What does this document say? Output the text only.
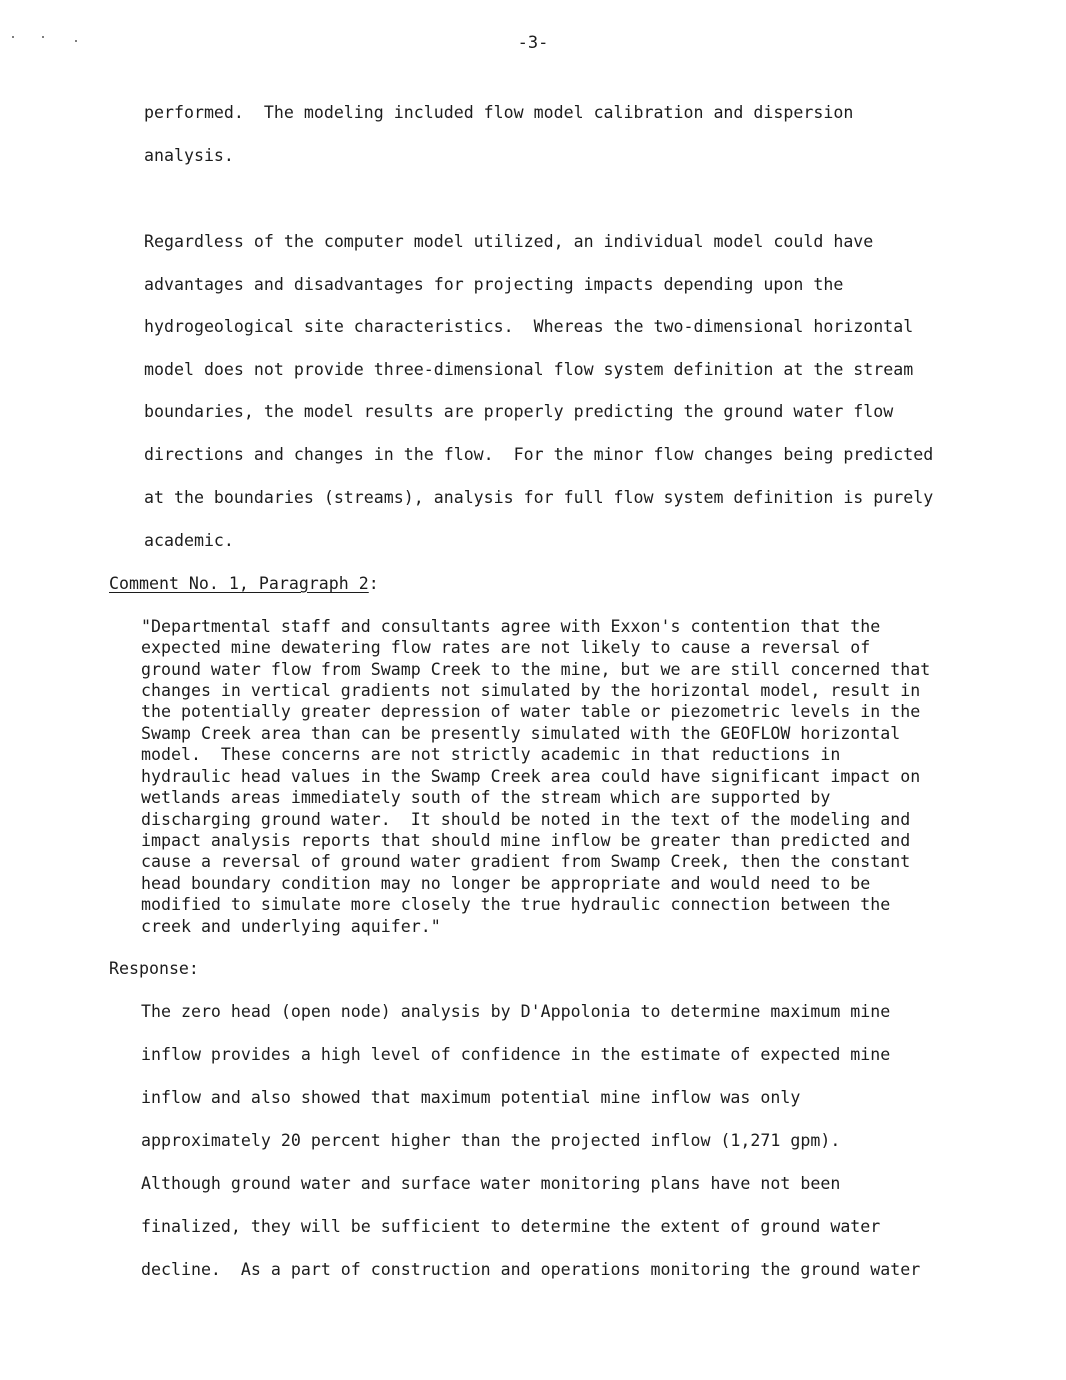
-3-
performed.  The modeling included flow model calibration and dispersion
analysis.
Regardless of the computer model utilized, an individual model could have
advantages and disadvantages for projecting impacts depending upon the
hydrogeological site characteristics.  Whereas the two-dimensional horizontal
model does not provide three-dimensional flow system definition at the stream
boundaries, the model results are properly predicting the ground water flow
directions and changes in the flow.  For the minor flow changes being predicted
at the boundaries (streams), analysis for full flow system definition is purely
academic.
Comment No. 1, Paragraph 2:
"Departmental staff and consultants agree with Exxon's contention that the
expected mine dewatering flow rates are not likely to cause a reversal of
ground water flow from Swamp Creek to the mine, but we are still concerned that
changes in vertical gradients not simulated by the horizontal model, result in
the potentially greater depression of water table or piezometric levels in the
Swamp Creek area than can be presently simulated with the GEOFLOW horizontal
model.  These concerns are not strictly academic in that reductions in
hydraulic head values in the Swamp Creek area could have significant impact on
wetlands areas immediately south of the stream which are supported by
discharging ground water.  It should be noted in the text of the modeling and
impact analysis reports that should mine inflow be greater than predicted and
cause a reversal of ground water gradient from Swamp Creek, then the constant
head boundary condition may no longer be appropriate and would need to be
modified to simulate more closely the true hydraulic connection between the
creek and underlying aquifer."
Response:
The zero head (open node) analysis by D'Appolonia to determine maximum mine
inflow provides a high level of confidence in the estimate of expected mine
inflow and also showed that maximum potential mine inflow was only
approximately 20 percent higher than the projected inflow (1,271 gpm).
Although ground water and surface water monitoring plans have not been
finalized, they will be sufficient to determine the extent of ground water
decline.  As a part of construction and operations monitoring the ground water
